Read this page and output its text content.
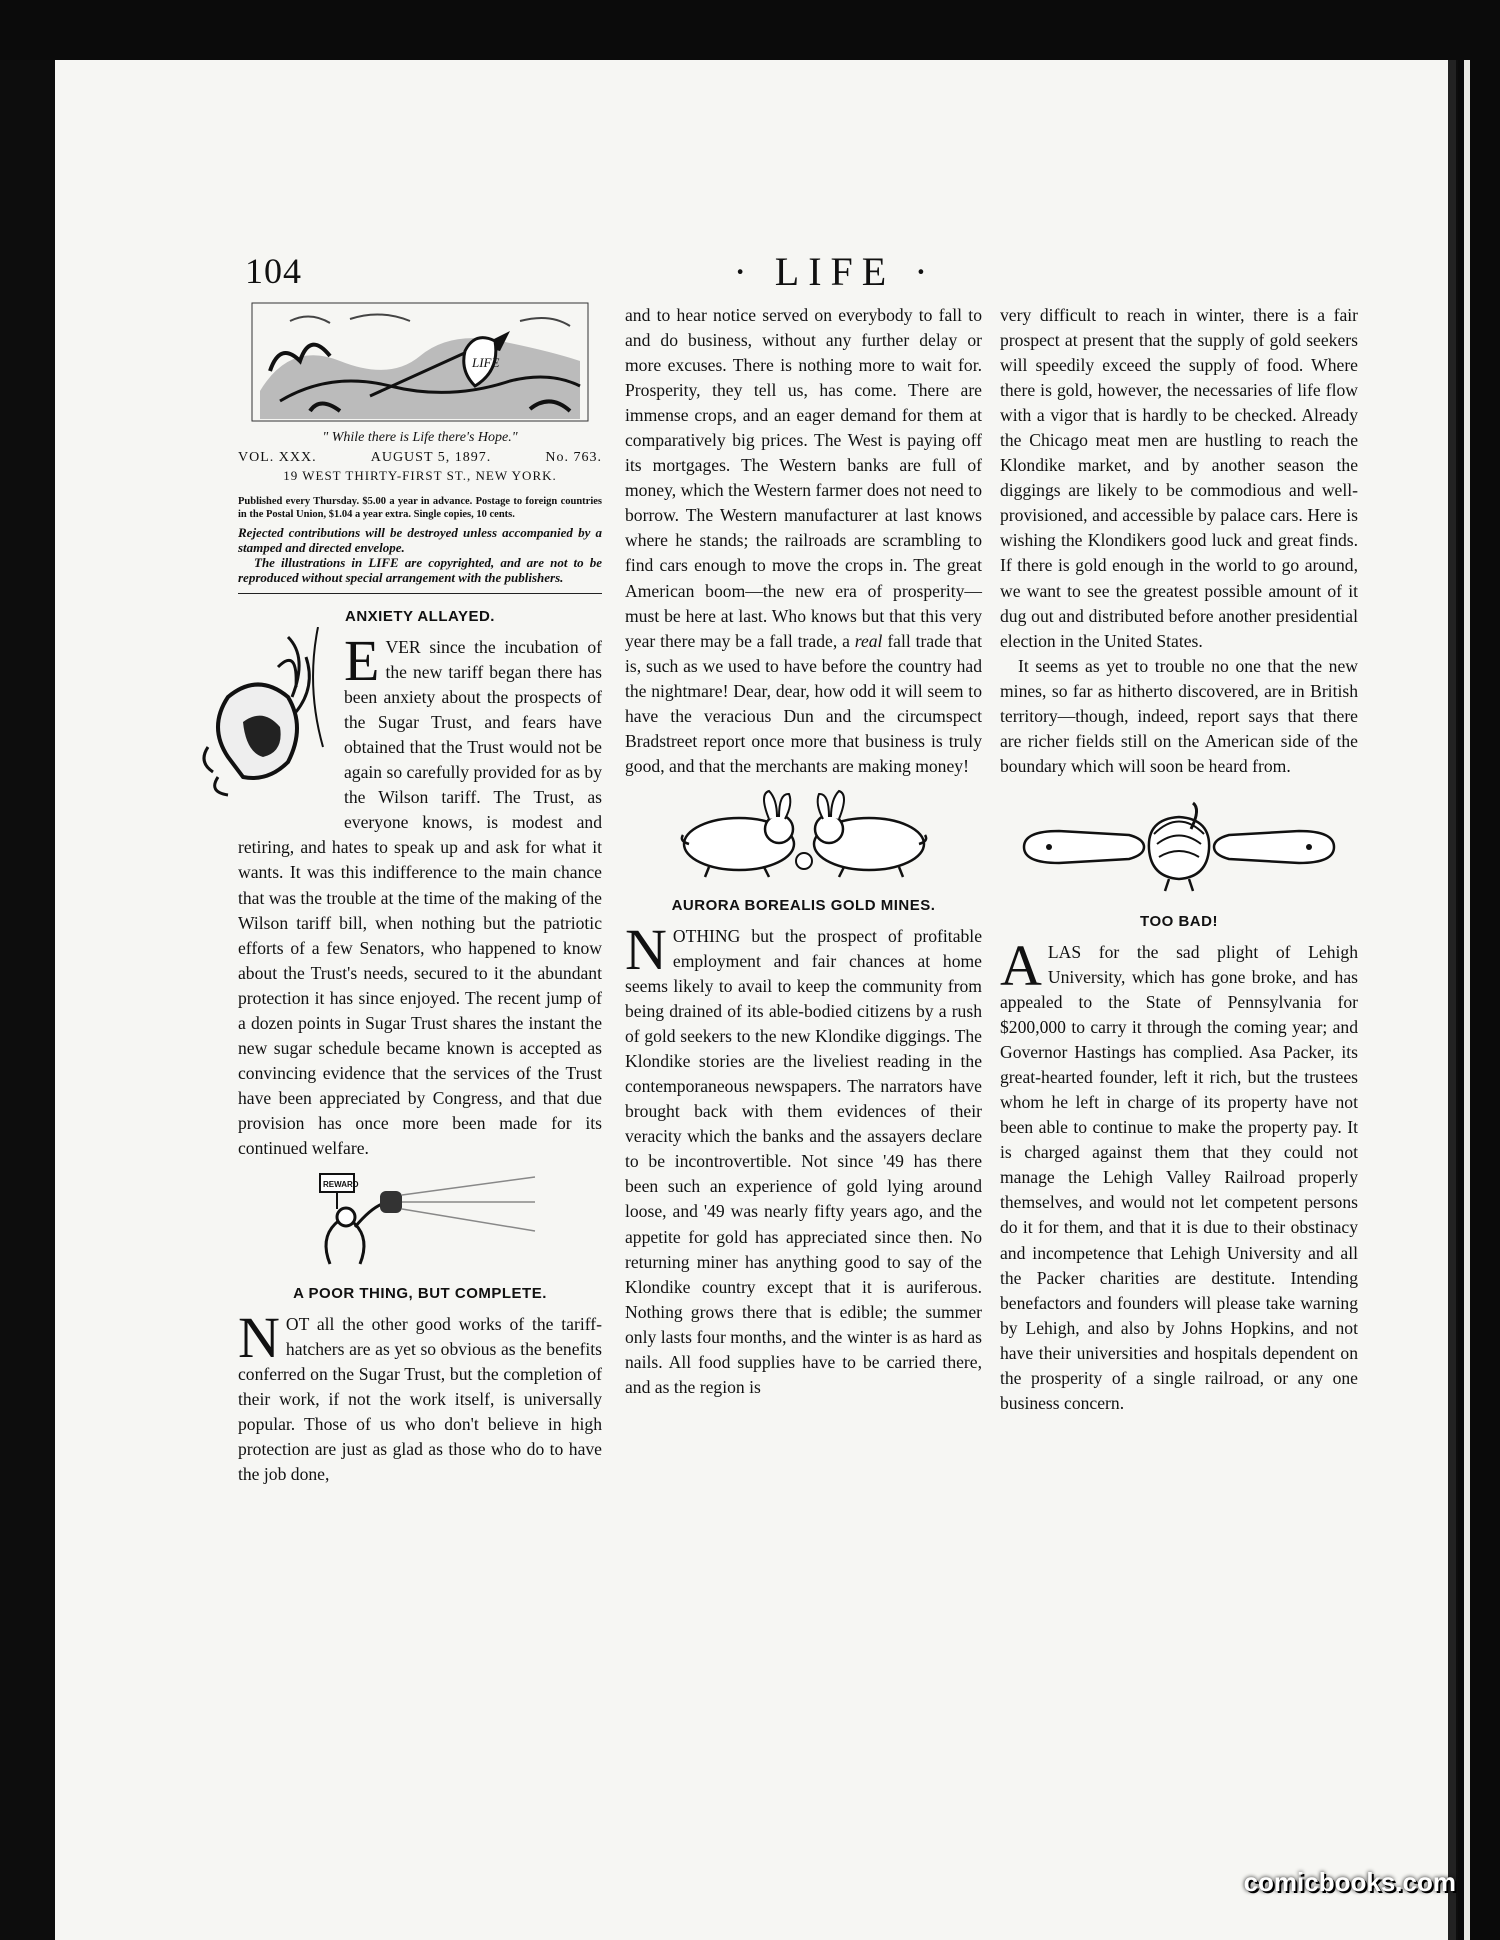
104	· LIFE ·
LIFE
" While there is Life there's Hope."
VOL. XXX.	AUGUST 5, 1897.	No. 763.
19 WEST THIRTY-FIRST ST., NEW YORK.
Published every Thursday. $5.00 a year in advance. Postage to foreign countries in the Postal Union, $1.04 a year extra. Single copies, 10 cents.
Rejected contributions will be destroyed unless accompanied by a stamped and directed envelope.
The illustrations in LIFE are copyrighted, and are not to be reproduced without special arrangement with the publishers.
ANXIETY ALLAYED.

EVER since the incubation of the new tariff began there has been anxiety about the prospects of the Sugar Trust, and fears have obtained that the Trust would not be again so carefully provided for as by the Wilson tariff. The Trust, as everyone knows, is modest and retiring, and hates to speak up and ask for what it wants. It was this indifference to the main chance that was the trouble at the time of the making of the Wilson tariff bill, when nothing but the patriotic efforts of a few Senators, who happened to know about the Trust's needs, secured to it the abundant protection it has since enjoyed. The recent jump of a dozen points in Sugar Trust shares the instant the new sugar schedule became known is accepted as convincing evidence that the services of the Trust have been appreciated by Congress, and that due provision has once more been made for its continued welfare.

REWARD
A POOR THING, BUT COMPLETE.

NOT all the other good works of the tariff-hatchers are as yet so obvious as the benefits conferred on the Sugar Trust, but the completion of their work, if not the work itself, is universally popular. Those of us who don't believe in high protection are just as glad as those who do to have the job done,

and to hear notice served on everybody to fall to and do business, without any further delay or more excuses. There is nothing more to wait for. Prosperity, they tell us, has come. There are immense crops, and an eager demand for them at comparatively big prices. The West is paying off its mortgages. The Western banks are full of money, which the Western farmer does not need to borrow. The Western manufacturer at last knows where he stands; the railroads are scrambling to find cars enough to move the crops in. The great American boom—the new era of prosperity—must be here at last. Who knows but that this very year there may be a fall trade, a real fall trade that is, such as we used to have before the country had the nightmare! Dear, dear, how odd it will seem to have the veracious Dun and the circumspect Bradstreet report once more that business is truly good, and that the merchants are making money!

AURORA BOREALIS GOLD MINES.

NOTHING but the prospect of profitable employment and fair chances at home seems likely to avail to keep the community from being drained of its able-bodied citizens by a rush of gold seekers to the new Klondike diggings. The Klondike stories are the liveliest reading in the contemporaneous newspapers. The narrators have brought back with them evidences of their veracity which the banks and the assayers declare to be incontrovertible. Not since '49 has there been such an experience of gold lying around loose, and '49 was nearly fifty years ago, and the appetite for gold has appreciated since then. No returning miner has anything good to say of the Klondike country except that it is auriferous. Nothing grows there that is edible; the summer only lasts four months, and the winter is as hard as nails. All food supplies have to be carried there, and as the region is

very difficult to reach in winter, there is a fair prospect at present that the supply of gold seekers will speedily exceed the supply of food. Where there is gold, however, the necessaries of life flow with a vigor that is hardly to be checked. Already the Chicago meat men are hustling to reach the Klondike market, and by another season the diggings are likely to be commodious and well-provisioned, and accessible by palace cars. Here is wishing the Klondikers good luck and great finds. If there is gold enough in the world to go around, we want to see the greatest possible amount of it dug out and distributed before another presidential election in the United States.

It seems as yet to trouble no one that the new mines, so far as hitherto discovered, are in British territory—though, indeed, report says that there are richer fields still on the American side of the boundary which will soon be heard from.

TOO BAD!

ALAS for the sad plight of Lehigh University, which has gone broke, and has appealed to the State of Pennsylvania for $200,000 to carry it through the coming year; and Governor Hastings has complied. Asa Packer, its great-hearted founder, left it rich, but the trustees whom he left in charge of its property have not been able to continue to make the property pay. It is charged against them that they could not manage the Lehigh Valley Railroad properly themselves, and would not let competent persons do it for them, and that it is due to their obstinacy and incompetence that Lehigh University and all the Packer charities are destitute. Intending benefactors and founders will please take warning by Lehigh, and also by Johns Hopkins, and not have their universities and hospitals dependent on the prosperity of a single railroad, or any one business concern.

comicbooks.com
